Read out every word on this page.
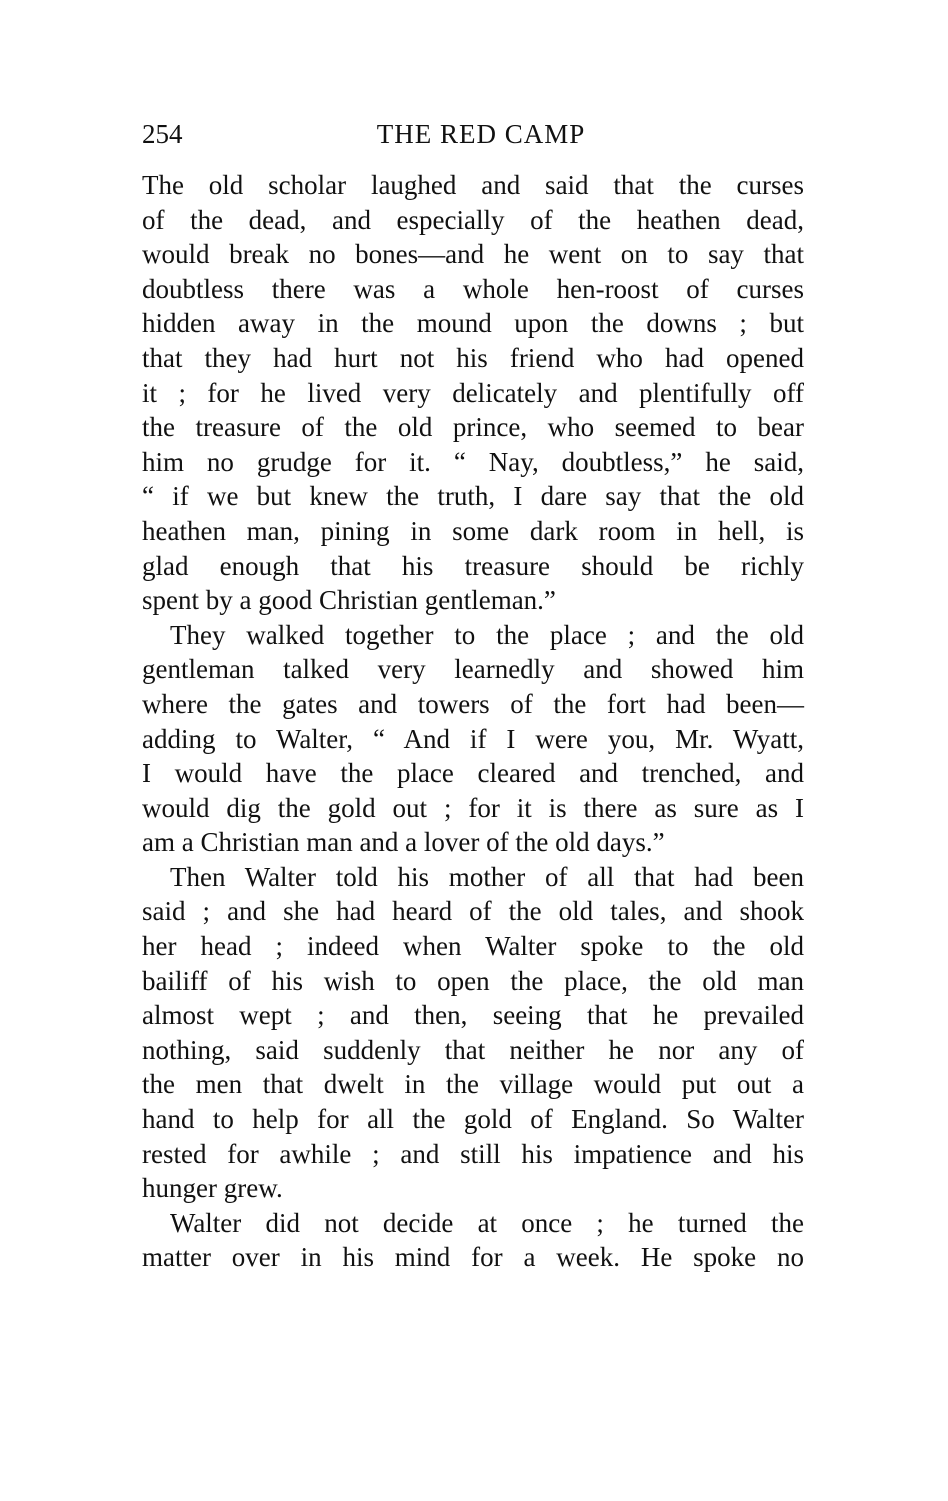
254	THE RED CAMP
The old scholar laughed and said that the curses
of the dead, and especially of the heathen dead,
would break no bones—and he went on to say that
doubtless there was a whole hen-roost of curses
hidden away in the mound upon the downs ; but
that they had hurt not his friend who had opened
it ; for he lived very delicately and plentifully off
the treasure of the old prince, who seemed to bear
him no grudge for it. “ Nay, doubtless,” he said,
“ if we but knew the truth, I dare say that the old
heathen man, pining in some dark room in hell, is
glad enough that his treasure should be richly
spent by a good Christian gentleman.”
They walked together to the place ; and the old
gentleman talked very learnedly and showed him
where the gates and towers of the fort had been—
adding to Walter, “ And if I were you, Mr. Wyatt,
I would have the place cleared and trenched, and
would dig the gold out ; for it is there as sure as I
am a Christian man and a lover of the old days.”
Then Walter told his mother of all that had been
said ; and she had heard of the old tales, and shook
her head ; indeed when Walter spoke to the old
bailiff of his wish to open the place, the old man
almost wept ; and then, seeing that he prevailed
nothing, said suddenly that neither he nor any of
the men that dwelt in the village would put out a
hand to help for all the gold of England. So Walter
rested for awhile ; and still his impatience and his
hunger grew.
Walter did not decide at once ; he turned the
matter over in his mind for a week. He spoke no
